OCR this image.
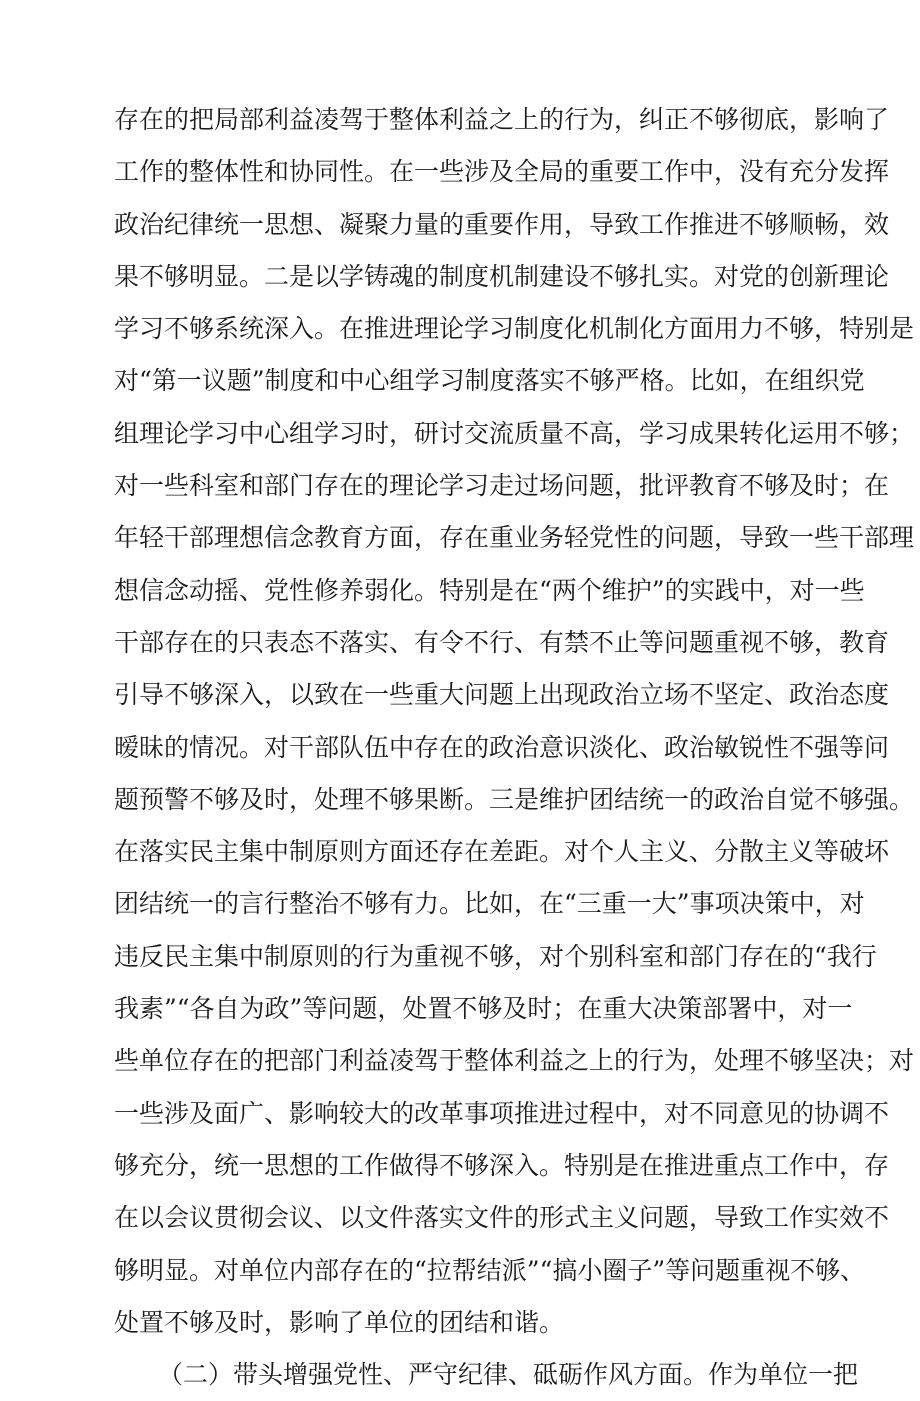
存在的把局部利益凌驾于整体利益之上的行为，纠正不够彻底，影响了
工作的整体性和协同性。在一些涉及全局的重要工作中，没有充分发挥
政治纪律统一思想、凝聚力量的重要作用，导致工作推进不够顺畅，效
果不够明显。二是以学铸魂的制度机制建设不够扎实。对党的创新理论
学习不够系统深入。在推进理论学习制度化机制化方面用力不够，特别是
对“第一议题”制度和中心组学习制度落实不够严格。比如，在组织党
组理论学习中心组学习时，研讨交流质量不高，学习成果转化运用不够；
对一些科室和部门存在的理论学习走过场问题，批评教育不够及时；在
年轻干部理想信念教育方面，存在重业务轻党性的问题，导致一些干部理
想信念动摇、党性修养弱化。特别是在“两个维护”的实践中，对一些
干部存在的只表态不落实、有令不行、有禁不止等问题重视不够，教育
引导不够深入，以致在一些重大问题上出现政治立场不坚定、政治态度
暧昧的情况。对干部队伍中存在的政治意识淡化、政治敏锐性不强等问
题预警不够及时，处理不够果断。三是维护团结统一的政治自觉不够强。
在落实民主集中制原则方面还存在差距。对个人主义、分散主义等破坏
团结统一的言行整治不够有力。比如，在“三重一大”事项决策中，对
违反民主集中制原则的行为重视不够，对个别科室和部门存在的“我行
我素”“各自为政”等问题，处置不够及时；在重大决策部署中，对一
些单位存在的把部门利益凌驾于整体利益之上的行为，处理不够坚决；对
一些涉及面广、影响较大的改革事项推进过程中，对不同意见的协调不
够充分，统一思想的工作做得不够深入。特别是在推进重点工作中，存
在以会议贯彻会议、以文件落实文件的形式主义问题，导致工作实效不
够明显。对单位内部存在的“拉帮结派”“搞小圈子”等问题重视不够、
处置不够及时，影响了单位的团结和谐。
（二）带头增强党性、严守纪律、砥砺作风方面。作为单位一把
